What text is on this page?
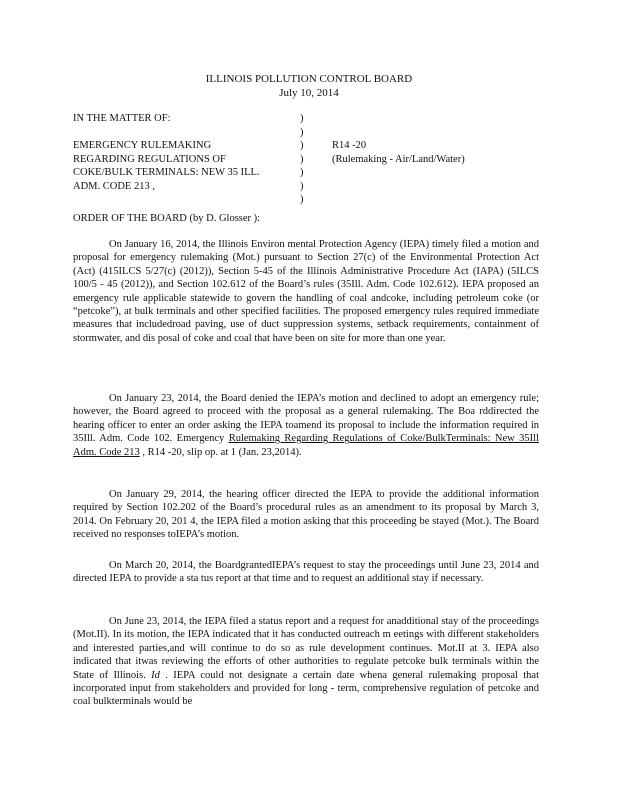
ILLINOIS POLLUTION CONTROL BOARD
July 10, 2014
IN THE MATTER OF:
EMERGENCY RULEMAKING
REGARDING REGULATIONS OF
COKE/BULK TERMINALS: NEW 35 ILL.
ADM. CODE 213 ,
)
)
)
)
)
)
)
R14 -20
(Rulemaking - Air/Land/Water)
ORDER OF THE BOARD (by D. Glosser ):

On January 16, 2014, the Illinois Environ mental Protection Agency (IEPA) timely filed a motion and proposal for emergency rulemaking (Mot.) pursuant to Section 27(c) of the Environmental Protection Act (Act) (415ILCS 5/27(c) (2012)), Section 5-45 of the Illinois Administrative Procedure Act (IAPA) (5ILCS 100/5 - 45 (2012)), and Section 102.612 of the Board’s rules (35Ill. Adm. Code 102.612). IEPA proposed an emergency rule applicable statewide to govern the handling of coal andcoke, including petroleum coke (or “petcoke”), at bulk terminals and other specified facilities. The proposed emergency rules required immediate measures that includedroad paving, use of duct suppression systems, setback requirements, containment of stormwater, and dis posal of coke and coal that have been on site for more than one year.

On January 23, 2014, the Board denied the IEPA’s motion and declined to adopt an emergency rule; however, the Board agreed to proceed with the proposal as a general rulemaking. The Boa rddirected the hearing officer to enter an order asking the IEPA toamend its proposal to include the information required in 35Ill. Adm. Code 102. Emergency Rulemaking Regarding Regulations of Coke/BulkTerminals: New 35Ill Adm. Code 213 , R14 -20, slip op. at 1 (Jan. 23,2014).

On January 29, 2014, the hearing officer directed the IEPA to provide the additional information required by Section 102.202 of the Board’s procedural rules as an amendment to its proposal by March 3, 2014. On February 20, 201 4, the IEPA filed a motion asking that this proceeding be stayed (Mot.). The Board received no responses toIEPA’s motion.

On March 20, 2014, the BoardgrantedIEPA’s request to stay the proceedings until June 23, 2014 and directed IEPA to provide a sta tus report at that time and to request an additional stay if necessary.

On June 23, 2014, the IEPA filed a status report and a request for anadditional stay of the proceedings (Mot.II). In its motion, the IEPA indicated that it has conducted outreach m eetings with different stakeholders and interested parties,and will continue to do so as rule development continues. Mot.II at 3. IEPA also indicated that itwas reviewing the efforts of other authorities to regulate petcoke bulk terminals within the State of Illinois. Id . IEPA could not designate a certain date whena general rulemaking proposal that incorporated input from stakeholders and provided for long - term, comprehensive regulation of petcoke and coal bulkterminals would be
